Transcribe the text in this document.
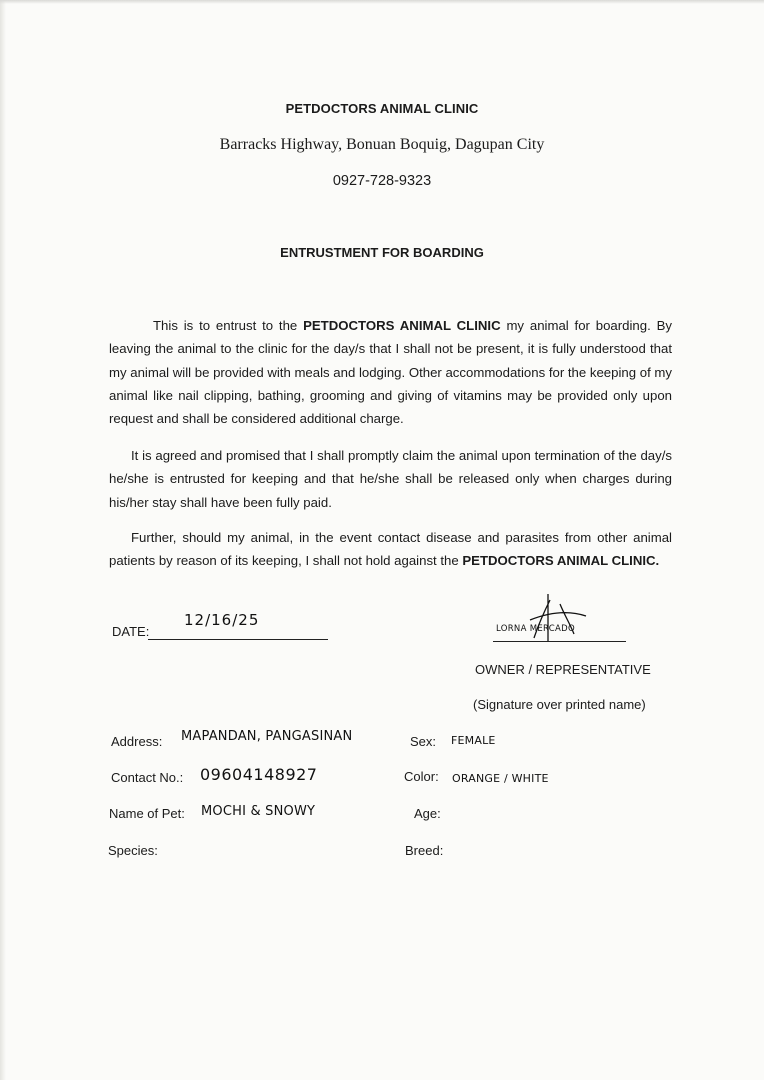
PETDOCTORS ANIMAL CLINIC
Barracks Highway, Bonuan Boquig, Dagupan City
0927-728-9323
ENTRUSTMENT FOR BOARDING

This is to entrust to the PETDOCTORS ANIMAL CLINIC my animal for boarding. By leaving the animal to the clinic for the day/s that I shall not be present, it is fully understood that my animal will be provided with meals and lodging. Other accommodations for the keeping of my animal like nail clipping, bathing, grooming and giving of vitamins may be provided only upon request and shall be considered additional charge.

It is agreed and promised that I shall promptly claim the animal upon termination of the day/s he/she is entrusted for keeping and that he/she shall be released only when charges during his/her stay shall have been fully paid.

Further, should my animal, in the event contact disease and parasites from other animal patients by reason of its keeping, I shall not hold against the PETDOCTORS ANIMAL CLINIC.

DATE:
12/16/25	LORNA MERCADO
OWNER / REPRESENTATIVE
(Signature over printed name)
Address: MAPANDAN, PANGASINAN
Contact No.: 09604148927
Name of Pet: MOCHI & SNOWY
Species:
Sex: FEMALE
Color: ORANGE / WHITE
Age:
Breed:
